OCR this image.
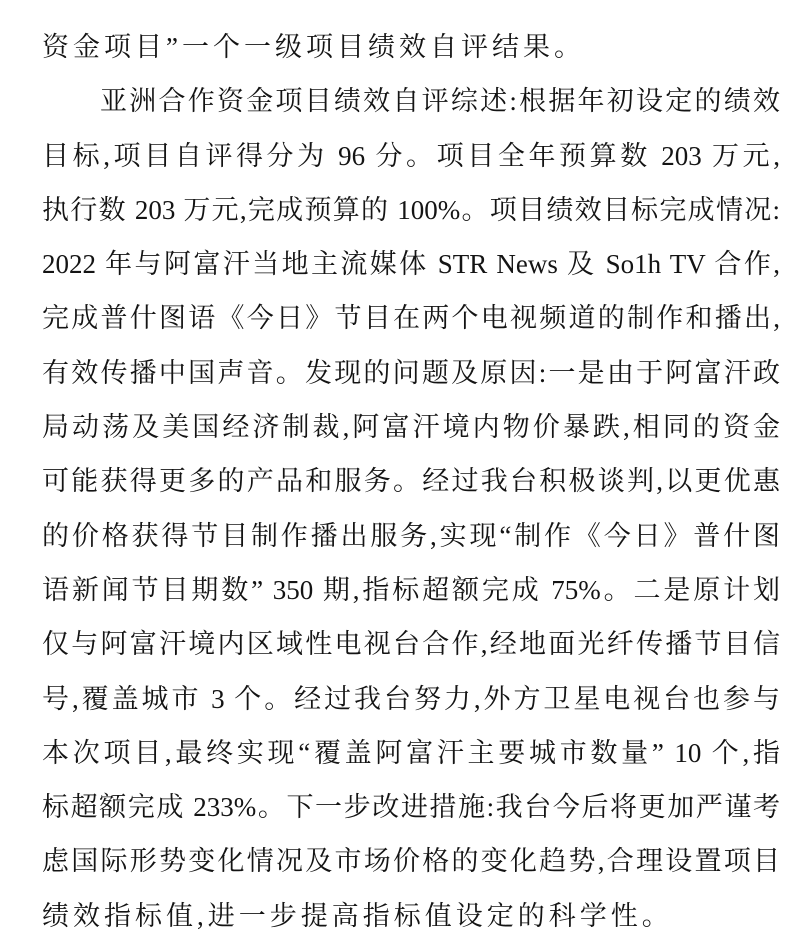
资金项目”一个一级项目绩效自评结果。
亚洲合作资金项目绩效自评综述:根据年初设定的绩效
目标,项目自评得分为 96 分。项目全年预算数 203 万元,
执行数 203 万元,完成预算的 100%。项目绩效目标完成情况:
2022 年与阿富汗当地主流媒体 STR News 及 So1h TV 合作,
完成普什图语《今日》节目在两个电视频道的制作和播出,
有效传播中国声音。发现的问题及原因:一是由于阿富汗政
局动荡及美国经济制裁,阿富汗境内物价暴跌,相同的资金
可能获得更多的产品和服务。经过我台积极谈判,以更优惠
的价格获得节目制作播出服务,实现“制作《今日》普什图
语新闻节目期数” 350 期,指标超额完成 75%。二是原计划
仅与阿富汗境内区域性电视台合作,经地面光纤传播节目信
号,覆盖城市 3 个。经过我台努力,外方卫星电视台也参与
本次项目,最终实现“覆盖阿富汗主要城市数量” 10 个,指
标超额完成 233%。下一步改进措施:我台今后将更加严谨考
虑国际形势变化情况及市场价格的变化趋势,合理设置项目
绩效指标值,进一步提高指标值设定的科学性。
